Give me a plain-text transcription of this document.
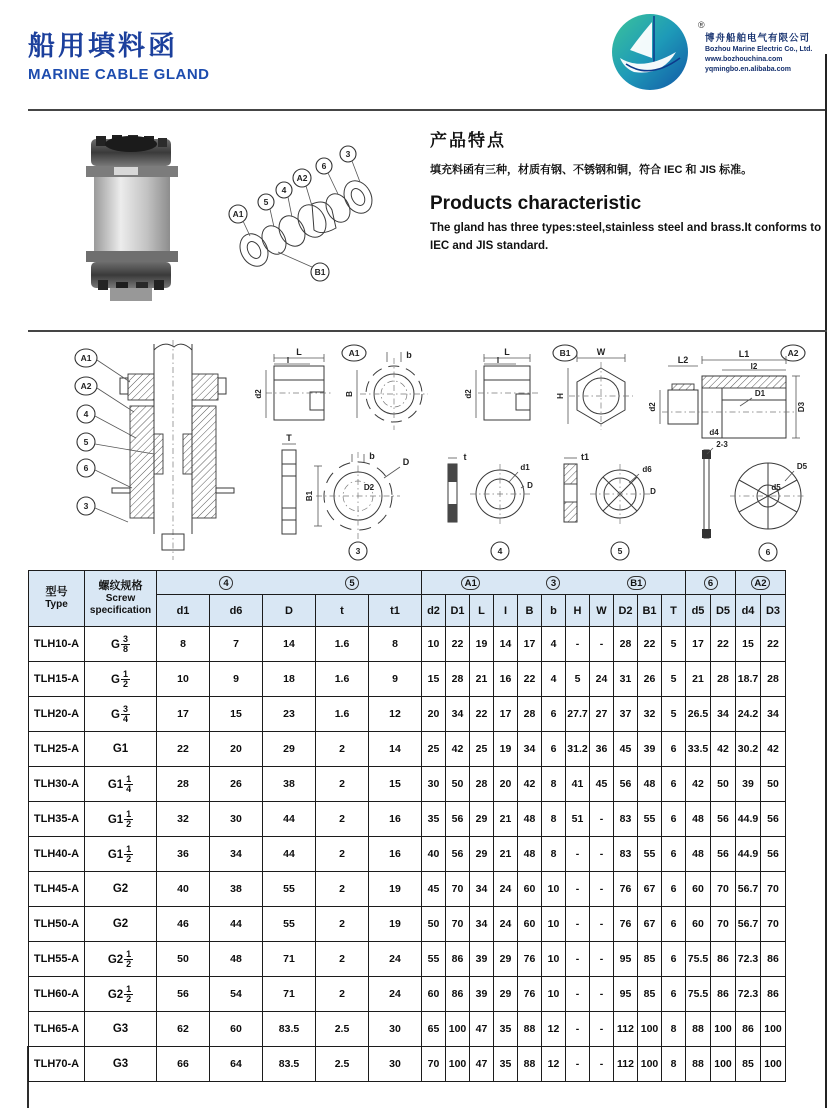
船用填料函
MARINE CABLE GLAND
®
博舟船舶电气有限公司
Bozhou Marine Electric Co., Ltd.
www.bozhouchina.com
yqmingbo.en.alibaba.com
A1
5
4
A2
6
3
B1
产品特点
填充料函有三种，材质有钢、不锈钢和铜，符合 IEC 和 JIS 标准。
Products characteristic
The gland has three types:steel,stainless steel and brass.It conforms to IEC and JIS standard.
A1
A2
4
5
6
3
A1
L
I
d2
b
B
B1
L
I
d2
W
H
A2
L2
L1
I2
d2
D1
D3
d4
T
b
D
B1
D2
3
t
d1
D
4
t1
d6
D
5
2-3
D5
d5
6
型号
Type

螺纹规格
Screw
specification

4	5	A1	3	B1	6	A2

		d1	d6	D	t	t1	d2	D1	L	I	B	b	H	W	D2	B1	T	d5	D5	d4	D3
TLH10-A	G $\frac{3}{8}$	8	7	14	1.6	8	10	22	19	14	17	4	-	-	28	22	5	17	22	15	22
TLH15-A	G $\frac{1}{2}$	10	9	18	1.6	9	15	28	21	16	22	4	5	24	31	26	5	21	28	18.7	28
TLH20-A	G $\frac{3}{4}$	17	15	23	1.6	12	20	34	22	17	28	6	27.7	27	37	32	5	26.5	34	24.2	34
TLH25-A	G1	22	20	29	2	14	25	42	25	19	34	6	31.2	36	45	39	6	33.5	42	30.2	42
TLH30-A	$G1 \frac{1}{4}$	28	26	38	2	15	30	50	28	20	42	8	41	45	56	48	6	42	50	39	50
TLH35-A	$G1 \frac{1}{2}$	32	30	44	2	16	35	56	29	21	48	8	51	-	83	55	6	48	56	44.9	56
TLH40-A	$G1 \frac{1}{2}$	36	34	44	2	16	40	56	29	21	48	8	-	-	83	55	6	48	56	44.9	56
TLH45-A	G2	40	38	55	2	19	45	70	34	24	60	10	-	-	76	67	6	60	70	56.7	70
TLH50-A	G2	46	44	55	2	19	50	70	34	24	60	10	-	-	76	67	6	60	70	56.7	70
TLH55-A	$G2 \frac{1}{2}$	50	48	71	2	24	55	86	39	29	76	10	-	-	95	85	6	75.5	86	72.3	86
TLH60-A	$G2 \frac{1}{2}$	56	54	71	2	24	60	86	39	29	76	10	-	-	95	85	6	75.5	86	72.3	86
TLH65-A	G3	62	60	83.5	2.5	30	65	100	47	35	88	12	-	-	112	100	8	88	100	86	100
TLH70-A	G3	66	64	83.5	2.5	30	70	100	47	35	88	12	-	-	112	100	8	88	100	85	100
